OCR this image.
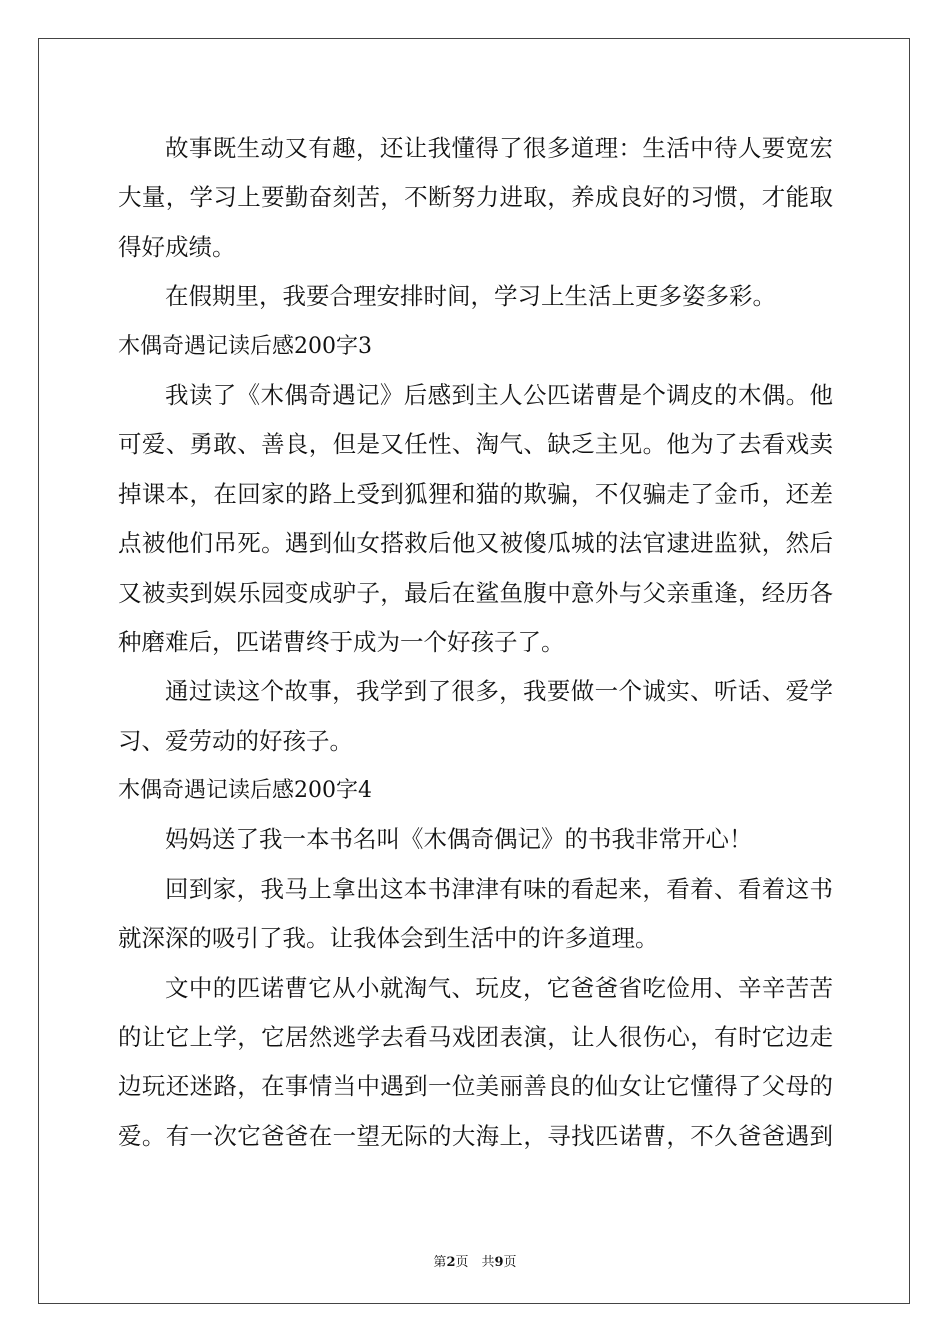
故事既生动又有趣，还让我懂得了很多道理：生活中待人要宽宏
大量，学习上要勤奋刻苦，不断努力进取，养成良好的习惯，才能取
得好成绩。
在假期里，我要合理安排时间，学习上生活上更多姿多彩。
木偶奇遇记读后感200字3
我读了《木偶奇遇记》后感到主人公匹诺曹是个调皮的木偶。他
可爱、勇敢、善良，但是又任性、淘气、缺乏主见。他为了去看戏卖
掉课本，在回家的路上受到狐狸和猫的欺骗，不仅骗走了金币，还差
点被他们吊死。遇到仙女搭救后他又被傻瓜城的法官逮进监狱，然后
又被卖到娱乐园变成驴子，最后在鲨鱼腹中意外与父亲重逢，经历各
种磨难后，匹诺曹终于成为一个好孩子了。
通过读这个故事，我学到了很多，我要做一个诚实、听话、爱学
习、爱劳动的好孩子。
木偶奇遇记读后感200字4
妈妈送了我一本书名叫《木偶奇偶记》的书我非常开心！
回到家，我马上拿出这本书津津有味的看起来，看着、看着这书
就深深的吸引了我。让我体会到生活中的许多道理。
文中的匹诺曹它从小就淘气、玩皮，它爸爸省吃俭用、辛辛苦苦
的让它上学，它居然逃学去看马戏团表演，让人很伤心，有时它边走
边玩还迷路，在事情当中遇到一位美丽善良的仙女让它懂得了父母的
爱。有一次它爸爸在一望无际的大海上，寻找匹诺曹，不久爸爸遇到
第2页　共9页
